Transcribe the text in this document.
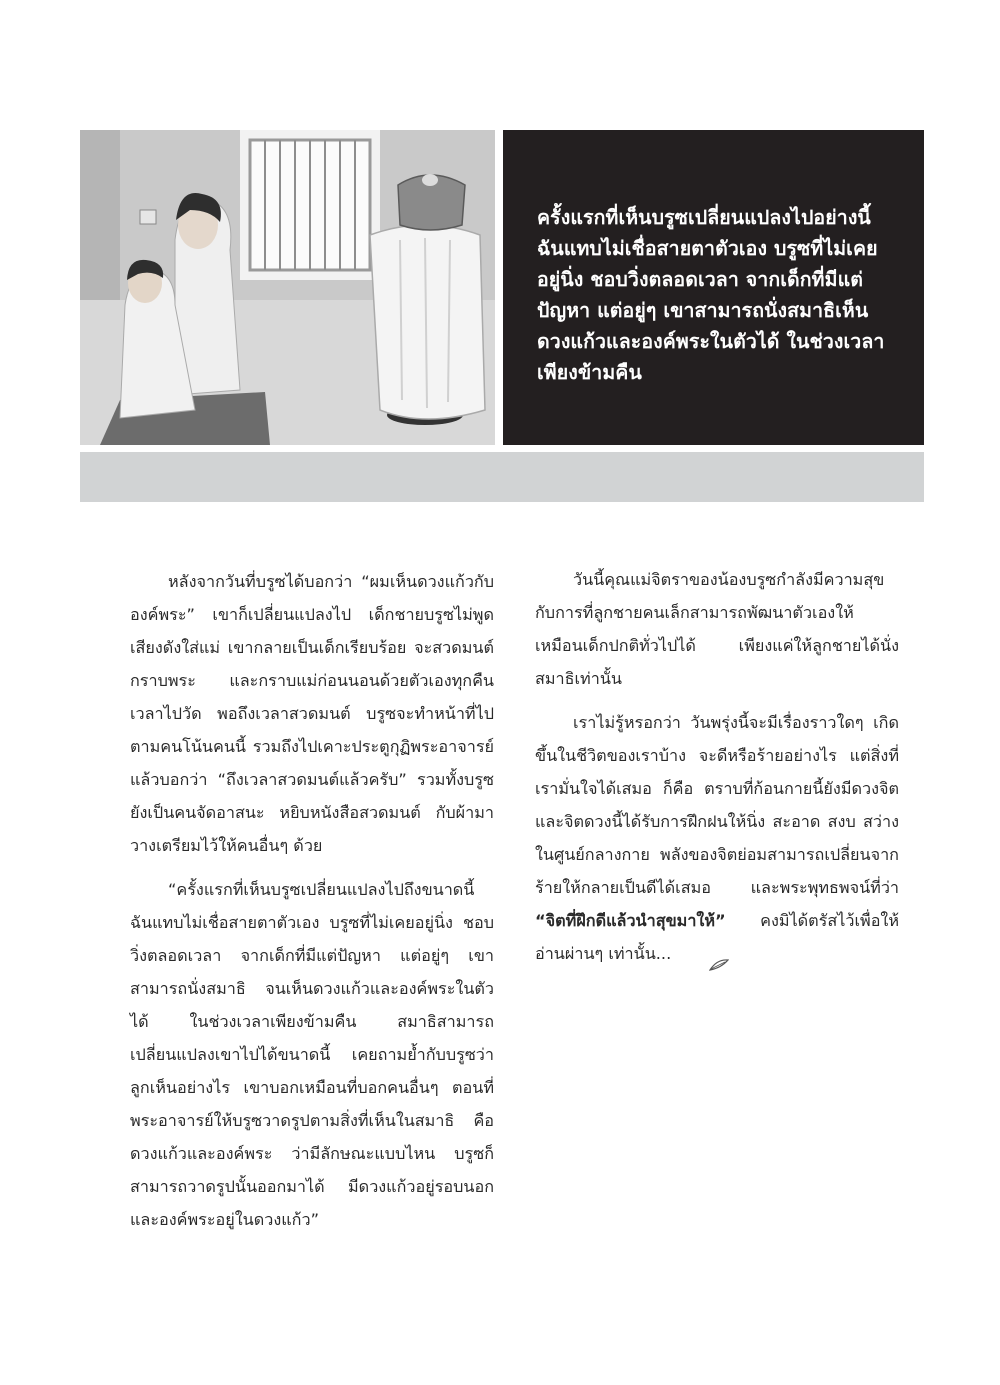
ครั้งแรกที่เห็นบรูซเปลี่ยนแปลงไปอย่างนี้ ฉันแทบไม่เชื่อสายตาตัวเอง บรูซที่ไม่เคยอยู่นิ่ง ชอบวิ่งตลอดเวลา จากเด็กที่มีแต่ปัญหา แต่อยู่ๆ เขาสามารถนั่งสมาธิเห็นดวงแก้วและองค์พระในตัวได้ ในช่วงเวลาเพียงข้ามคืน

หลังจากวันที่บรูซได้บอกว่า “ผมเห็นดวงแก้วกับองค์พระ” เขาก็เปลี่ยนแปลงไป เด็กชายบรูซไม่พูดเสียงดังใส่แม่ เขากลายเป็นเด็กเรียบร้อย จะสวดมนต์ กราบพระ และกราบแม่ก่อนนอนด้วยตัวเองทุกคืน เวลาไปวัด พอถึงเวลาสวดมนต์ บรูซจะทำหน้าที่ไปตามคนโน้นคนนี้ รวมถึงไปเคาะประตูกุฏิพระอาจารย์ แล้วบอกว่า “ถึงเวลาสวดมนต์แล้วครับ” รวมทั้งบรูซยังเป็นคนจัดอาสนะ หยิบหนังสือสวดมนต์ กับผ้ามาวางเตรียมไว้ให้คนอื่นๆ ด้วย

“ครั้งแรกที่เห็นบรูซเปลี่ยนแปลงไปถึงขนาดนี้ ฉันแทบไม่เชื่อสายตาตัวเอง บรูซที่ไม่เคยอยู่นิ่ง ชอบวิ่งตลอดเวลา จากเด็กที่มีแต่ปัญหา แต่อยู่ๆ เขาสามารถนั่งสมาธิ จนเห็นดวงแก้วและองค์พระในตัวได้ ในช่วงเวลาเพียงข้ามคืน สมาธิสามารถเปลี่ยนแปลงเขาไปได้ขนาดนี้ เคยถามย้ำกับบรูซว่าลูกเห็นอย่างไร เขาบอกเหมือนที่บอกคนอื่นๆ ตอนที่พระอาจารย์ให้บรูซวาดรูปตามสิ่งที่เห็นในสมาธิ คือดวงแก้วและองค์พระ ว่ามีลักษณะแบบไหน บรูซก็สามารถวาดรูปนั้นออกมาได้ มีดวงแก้วอยู่รอบนอกและองค์พระอยู่ในดวงแก้ว”

วันนี้คุณแม่จิตราของน้องบรูซกำลังมีความสุขกับการที่ลูกชายคนเล็กสามารถพัฒนาตัวเองให้เหมือนเด็กปกติทั่วไปได้ เพียงแค่ให้ลูกชายได้นั่งสมาธิเท่านั้น

เราไม่รู้หรอกว่า วันพรุ่งนี้จะมีเรื่องราวใดๆ เกิดขึ้นในชีวิตของเราบ้าง จะดีหรือร้ายอย่างไร แต่สิ่งที่เรามั่นใจได้เสมอ ก็คือ ตราบที่ก้อนกายนี้ยังมีดวงจิต และจิตดวงนี้ได้รับการฝึกฝนให้นิ่ง สะอาด สงบ สว่าง ในศูนย์กลางกาย พลังของจิตย่อมสามารถเปลี่ยนจากร้ายให้กลายเป็นดีได้เสมอ และพระพุทธพจน์ที่ว่า “จิตที่ฝึกดีแล้วนำสุขมาให้” คงมิได้ตรัสไว้เพื่อให้อ่านผ่านๆ เท่านั้น...
